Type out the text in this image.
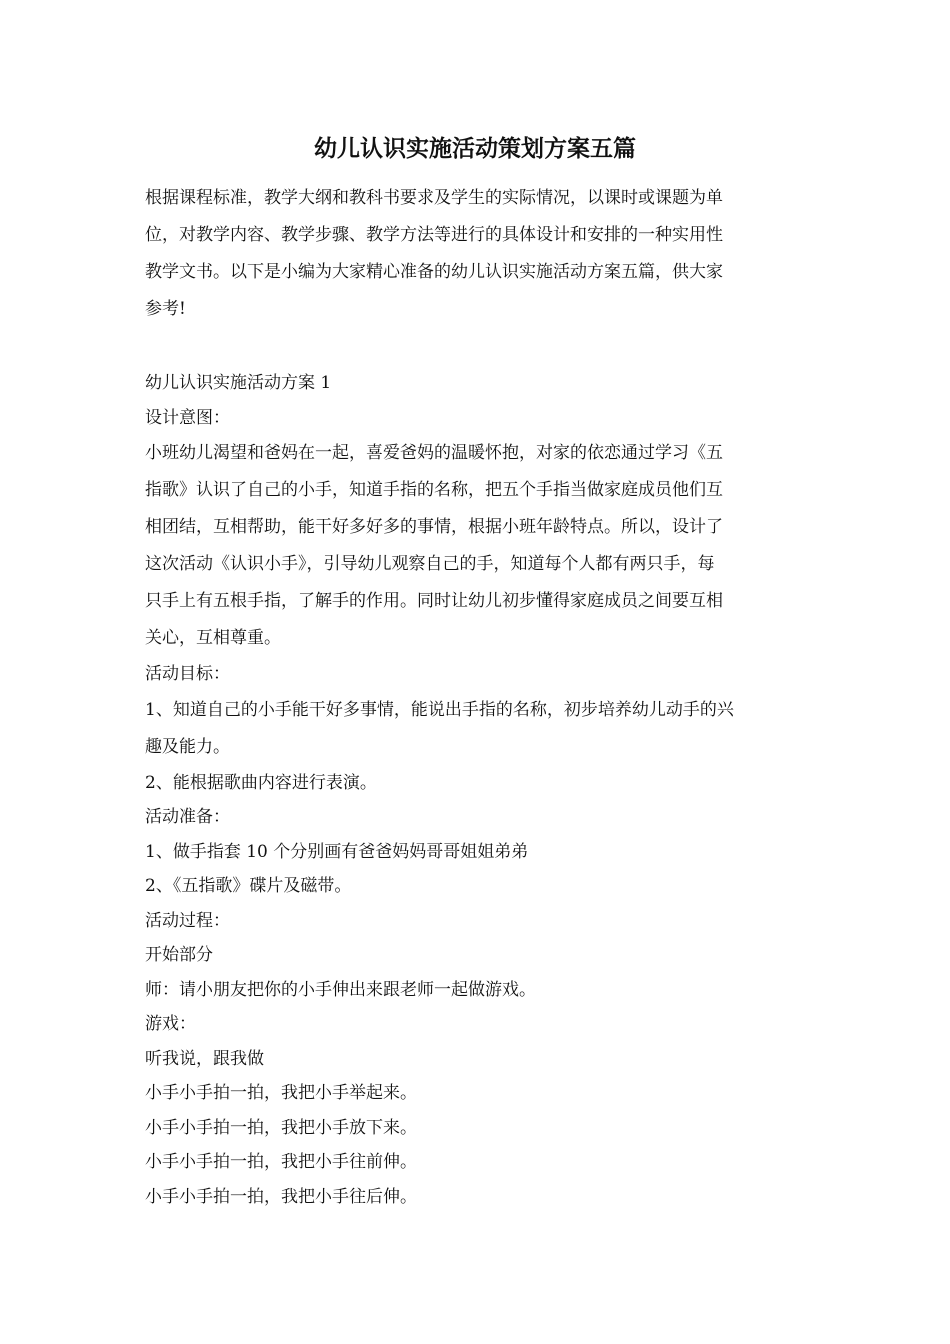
幼儿认识实施活动策划方案五篇
根据课程标准，教学大纲和教科书要求及学生的实际情况，以课时或课题为单
位，对教学内容、教学步骤、教学方法等进行的具体设计和安排的一种实用性
教学文书。以下是小编为大家精心准备的幼儿认识实施活动方案五篇，供大家
参考!
幼儿认识实施活动方案 1
设计意图：
小班幼儿渴望和爸妈在一起，喜爱爸妈的温暖怀抱，对家的依恋通过学习《五
指歌》认识了自己的小手，知道手指的名称，把五个手指当做家庭成员他们互
相团结，互相帮助，能干好多好多的事情，根据小班年龄特点。所以，设计了
这次活动《认识小手》，引导幼儿观察自己的手，知道每个人都有两只手，每
只手上有五根手指，了解手的作用。同时让幼儿初步懂得家庭成员之间要互相
关心，互相尊重。
活动目标：
1、知道自己的小手能干好多事情，能说出手指的名称，初步培养幼儿动手的兴
趣及能力。
2、能根据歌曲内容进行表演。
活动准备：
1、做手指套 10 个分别画有爸爸妈妈哥哥姐姐弟弟
2、《五指歌》碟片及磁带。
活动过程：
开始部分
师：请小朋友把你的小手伸出来跟老师一起做游戏。
游戏：
听我说，跟我做
小手小手拍一拍，我把小手举起来。
小手小手拍一拍，我把小手放下来。
小手小手拍一拍，我把小手往前伸。
小手小手拍一拍，我把小手往后伸。
